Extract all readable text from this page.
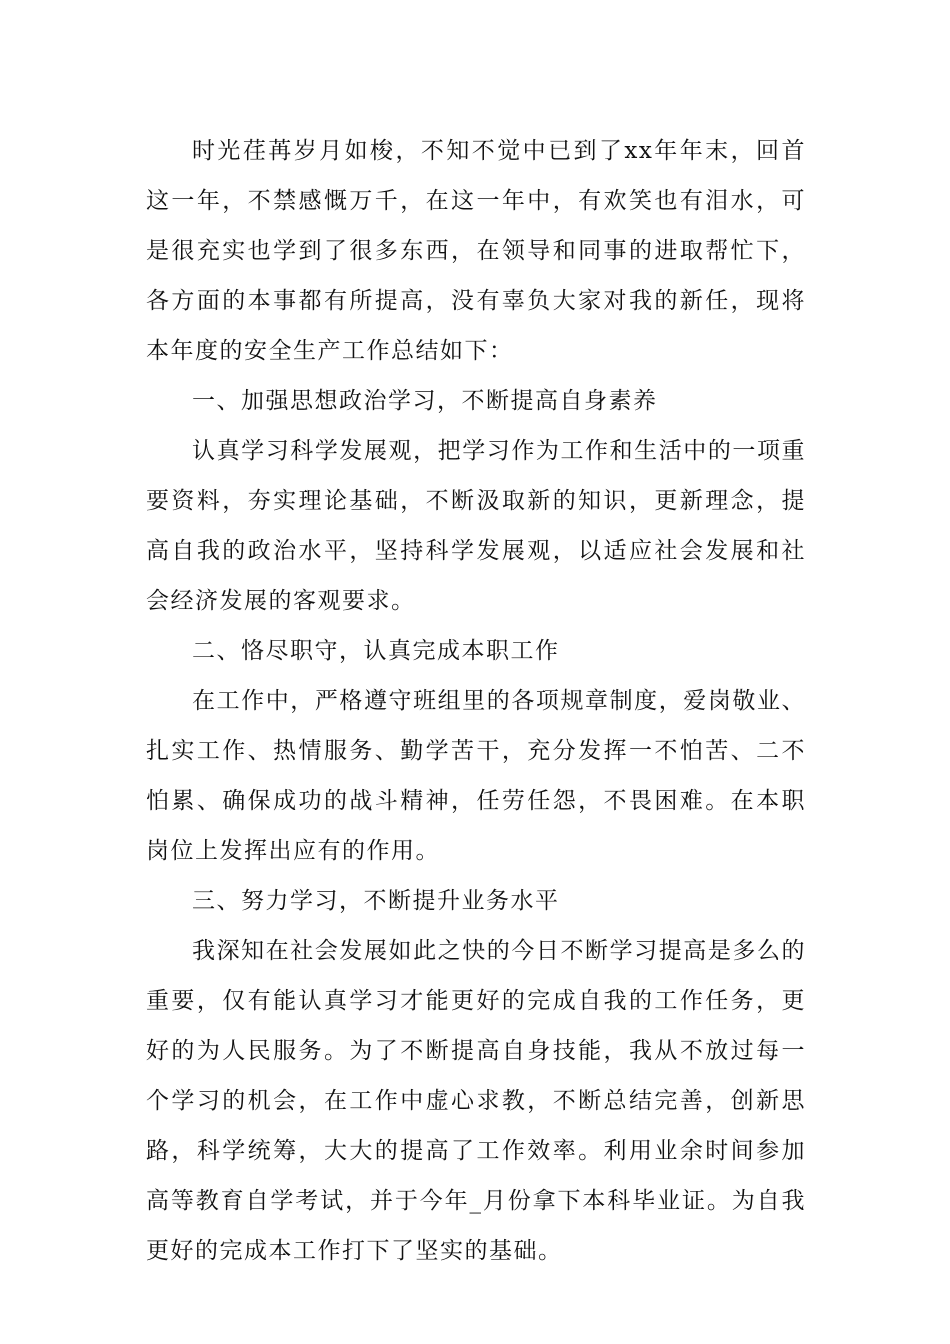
时光荏苒岁月如梭，不知不觉中已到了xx年年末，回首这一年，不禁感慨万千，在这一年中，有欢笑也有泪水，可是很充实也学到了很多东西，在领导和同事的进取帮忙下，各方面的本事都有所提高，没有辜负大家对我的新任，现将本年度的安全生产工作总结如下：

一、加强思想政治学习，不断提高自身素养

认真学习科学发展观，把学习作为工作和生活中的一项重要资料，夯实理论基础，不断汲取新的知识，更新理念，提高自我的政治水平，坚持科学发展观，以适应社会发展和社会经济发展的客观要求。

二、恪尽职守，认真完成本职工作

在工作中，严格遵守班组里的各项规章制度，爱岗敬业、扎实工作、热情服务、勤学苦干，充分发挥一不怕苦、二不怕累、确保成功的战斗精神，任劳任怨，不畏困难。在本职岗位上发挥出应有的作用。

三、努力学习，不断提升业务水平

我深知在社会发展如此之快的今日不断学习提高是多么的重要，仅有能认真学习才能更好的完成自我的工作任务，更好的为人民服务。为了不断提高自身技能，我从不放过每一个学习的机会，在工作中虚心求教，不断总结完善，创新思路，科学统筹，大大的提高了工作效率。利用业余时间参加高等教育自学考试，并于今年_月份拿下本科毕业证。为自我更好的完成本工作打下了坚实的基础。
